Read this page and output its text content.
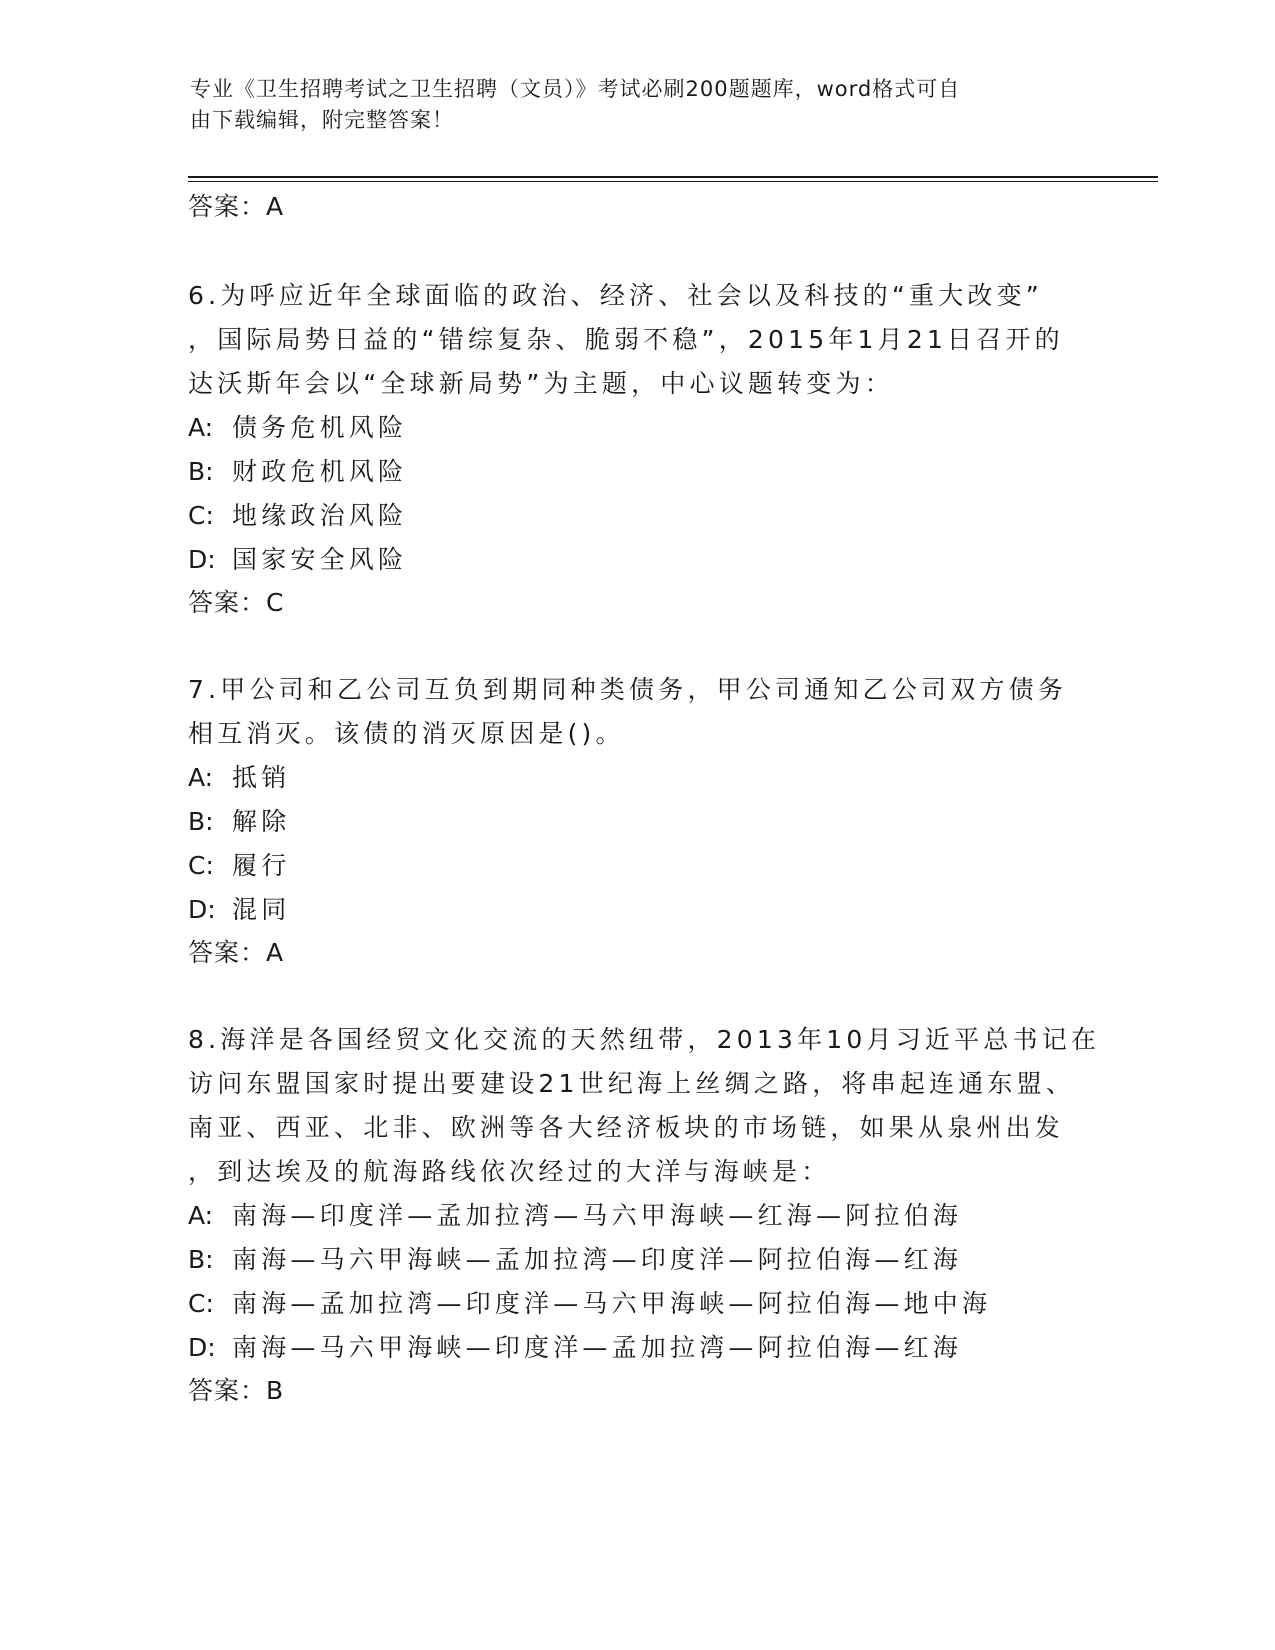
专业《卫生招聘考试之卫生招聘（文员）》考试必刷200题题库，word格式可自
由下载编辑，附完整答案！
答案：A
6.为呼应近年全球面临的政治、经济、社会以及科技的“重大改变”
，国际局势日益的“错综复杂、脆弱不稳”，2015年1月21日召开的
达沃斯年会以“全球新局势”为主题，中心议题转变为：
A: 债务危机风险
B: 财政危机风险
C: 地缘政治风险
D: 国家安全风险
答案：C
7.甲公司和乙公司互负到期同种类债务，甲公司通知乙公司双方债务
相互消灭。该债的消灭原因是()。
A: 抵销
B: 解除
C: 履行
D: 混同
答案：A
8.海洋是各国经贸文化交流的天然纽带，2013年10月习近平总书记在
访问东盟国家时提出要建设21世纪海上丝绸之路，将串起连通东盟、
南亚、西亚、北非、欧洲等各大经济板块的市场链，如果从泉州出发
，到达埃及的航海路线依次经过的大洋与海峡是：
A: 南海—印度洋—孟加拉湾—马六甲海峡—红海—阿拉伯海
B: 南海—马六甲海峡—孟加拉湾—印度洋—阿拉伯海—红海
C: 南海—孟加拉湾—印度洋—马六甲海峡—阿拉伯海—地中海
D: 南海—马六甲海峡—印度洋—孟加拉湾—阿拉伯海—红海
答案：B
